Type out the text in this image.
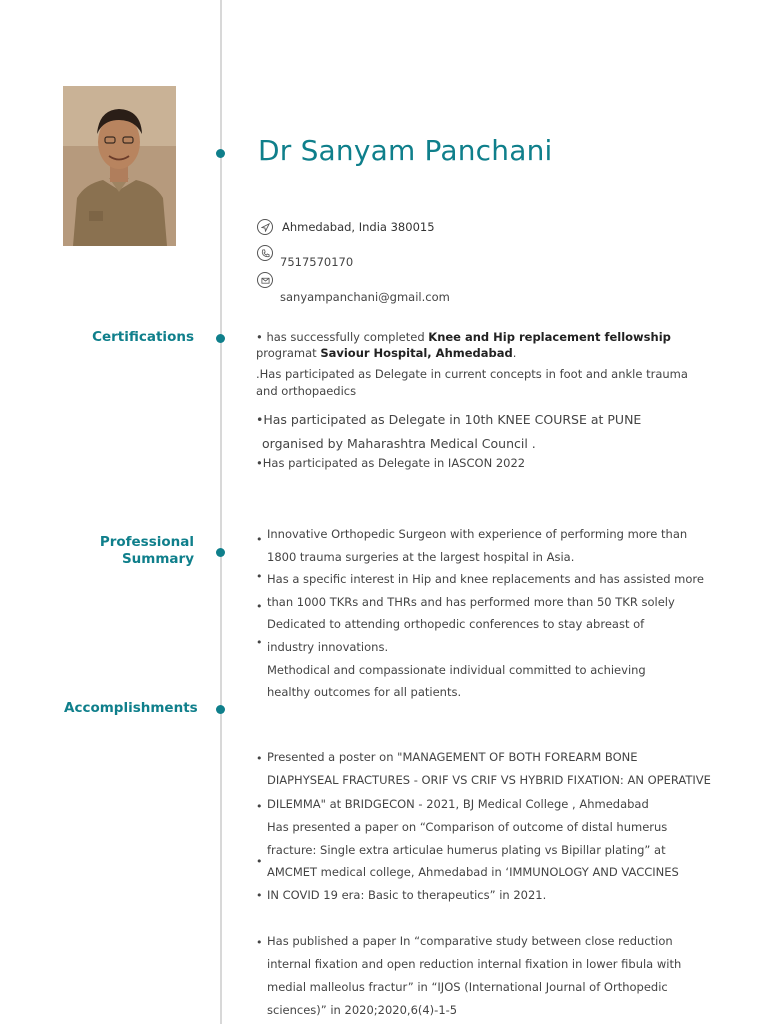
Dr Sanyam Panchani
Ahmedabad, India 380015
7517570170
sanyampanchani@gmail.com
Certifications	• has successfully completed Knee and Hip replacement fellowship
programat Saviour Hospital, Ahmedabad.
.Has participated as Delegate in current concepts in foot and ankle trauma
and orthopaedics
•Has participated as Delegate in 10th KNEE COURSE at PUNE
organised by Maharashtra Medical Council .
•Has participated as Delegate in IASCON 2022
Professional
Summary
•
•
•
•
Innovative Orthopedic Surgeon with experience of performing more than
1800 trauma surgeries at the largest hospital in Asia.
Has a specific interest in Hip and knee replacements and has assisted more
than 1000 TKRs and THRs and has performed more than 50 TKR solely
Dedicated to attending orthopedic conferences to stay abreast of
industry innovations.
Methodical and compassionate individual committed to achieving
healthy outcomes for all patients.
Accomplishments
•
•
•
•
•
Presented a poster on "MANAGEMENT OF BOTH FOREARM BONE
DIAPHYSEAL FRACTURES - ORIF VS CRIF VS HYBRID FIXATION: AN OPERATIVE
DILEMMA" at BRIDGECON - 2021, BJ Medical College , Ahmedabad
Has presented a paper on “Comparison of outcome of distal humerus
fracture: Single extra articulae humerus plating vs Bipillar plating” at
AMCMET medical college, Ahmedabad in ‘IMMUNOLOGY AND VACCINES
IN COVID 19 era: Basic to therapeutics” in 2021.
Has published a paper In “comparative study between close reduction
internal fixation and open reduction internal fixation in lower fibula with
medial malleolus fractur” in “IJOS (International Journal of Orthopedic
sciences)” in 2020;2020,6(4)-1-5
